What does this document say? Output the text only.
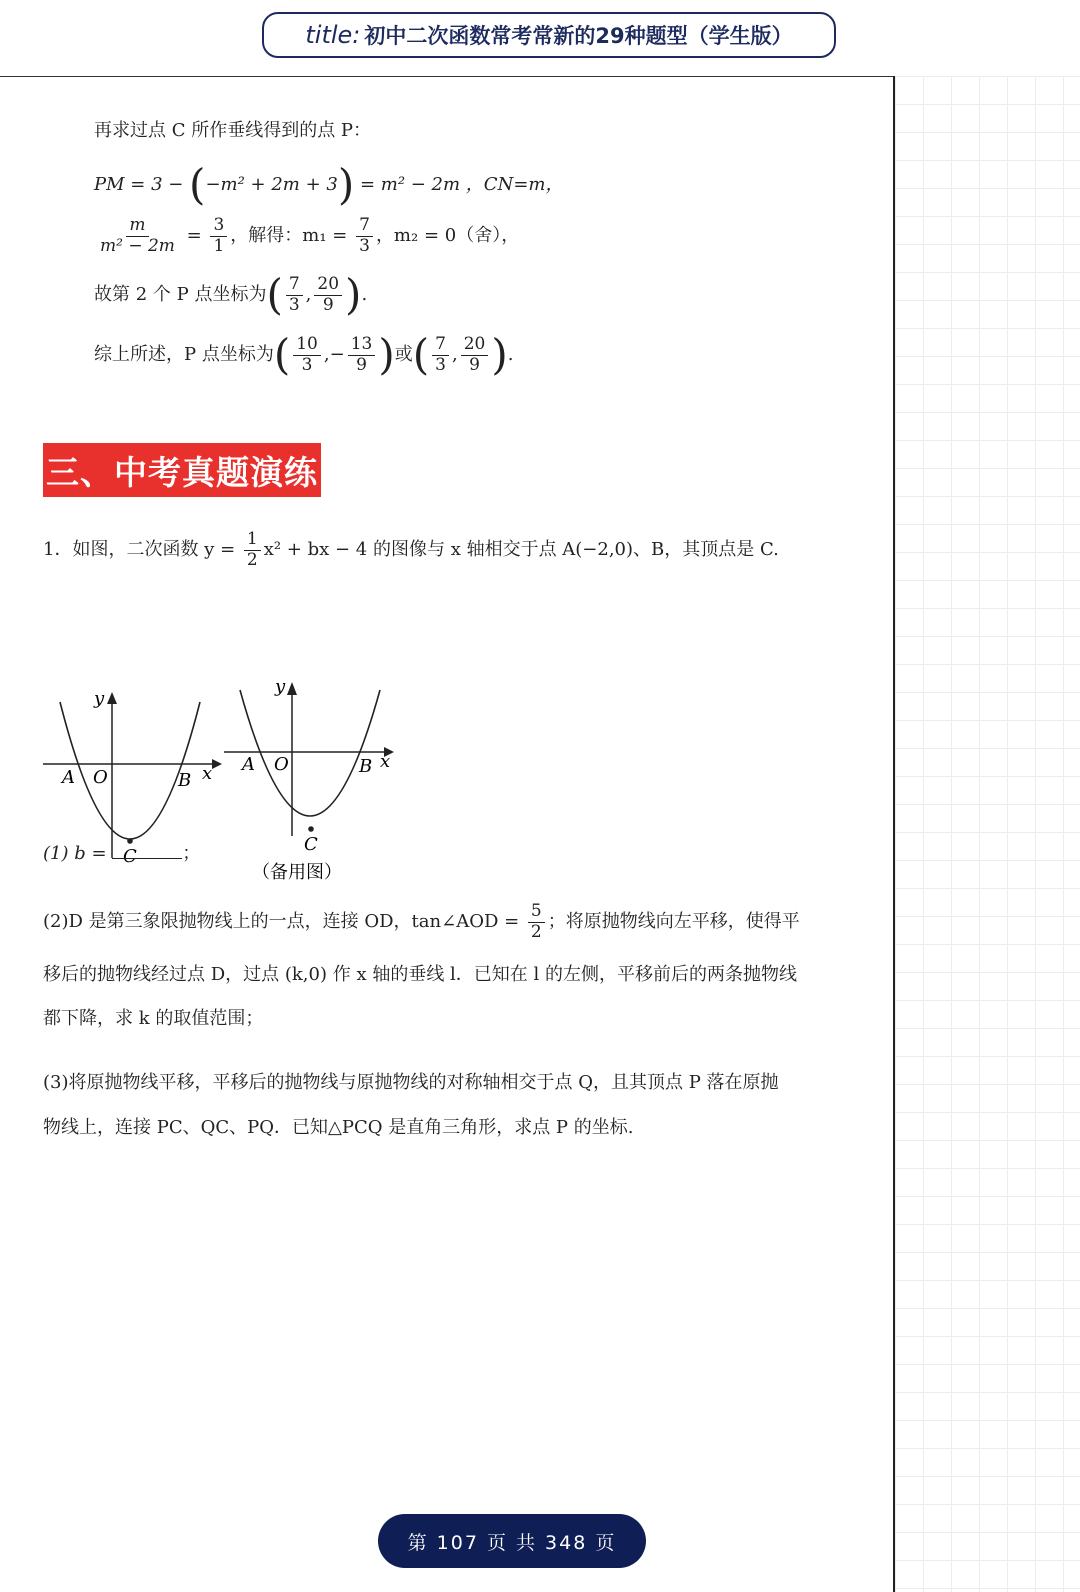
title: 初中二次函数常考常新的29种题型（学生版）
再求过点 C 所作垂线得到的点 P：
PM = 3 − (−m² + 2m + 3) = m² − 2m ，CN=m，
$\frac{m}{\text{m² − 2m}} = \frac{3}{1}$ ，解得：$m_1 = \frac{7}{3}$ ，m₂ = 0（舍），
故第 2 个 P 点坐标为( $\frac{7}{3}$ , $\frac{20}{9}$ ).
综上所述，P 点坐标为( $\frac{10}{3}$ ,− $\frac{13}{9}$ )或( $\frac{7}{3}$ , $\frac{20}{9}$ ).
三、中考真题演练
1．如图，二次函数 $y = \frac{1}{2} x^2$ + bx − 4 的图像与 x 轴相交于点 A(−2,0)、B，其顶点是 C.
y
x
A O	B
C
y
x
A O	B
C
（备用图）
(1) b =	；
(2)D 是第三象限抛物线上的一点，连接 OD，tan∠AOD = $\frac{5}{2}$ ；将原抛物线向左平移，使得平
移后的抛物线经过点 D，过点 (k,0) 作 x 轴的垂线 l．已知在 l 的左侧，平移前后的两条抛物线
都下降，求 k 的取值范围；
(3)将原抛物线平移，平移后的抛物线与原抛物线的对称轴相交于点 Q，且其顶点 P 落在原抛
物线上，连接 PC、QC、PQ．已知△PCQ 是直角三角形，求点 P 的坐标.
第 107 页 共 348 页
